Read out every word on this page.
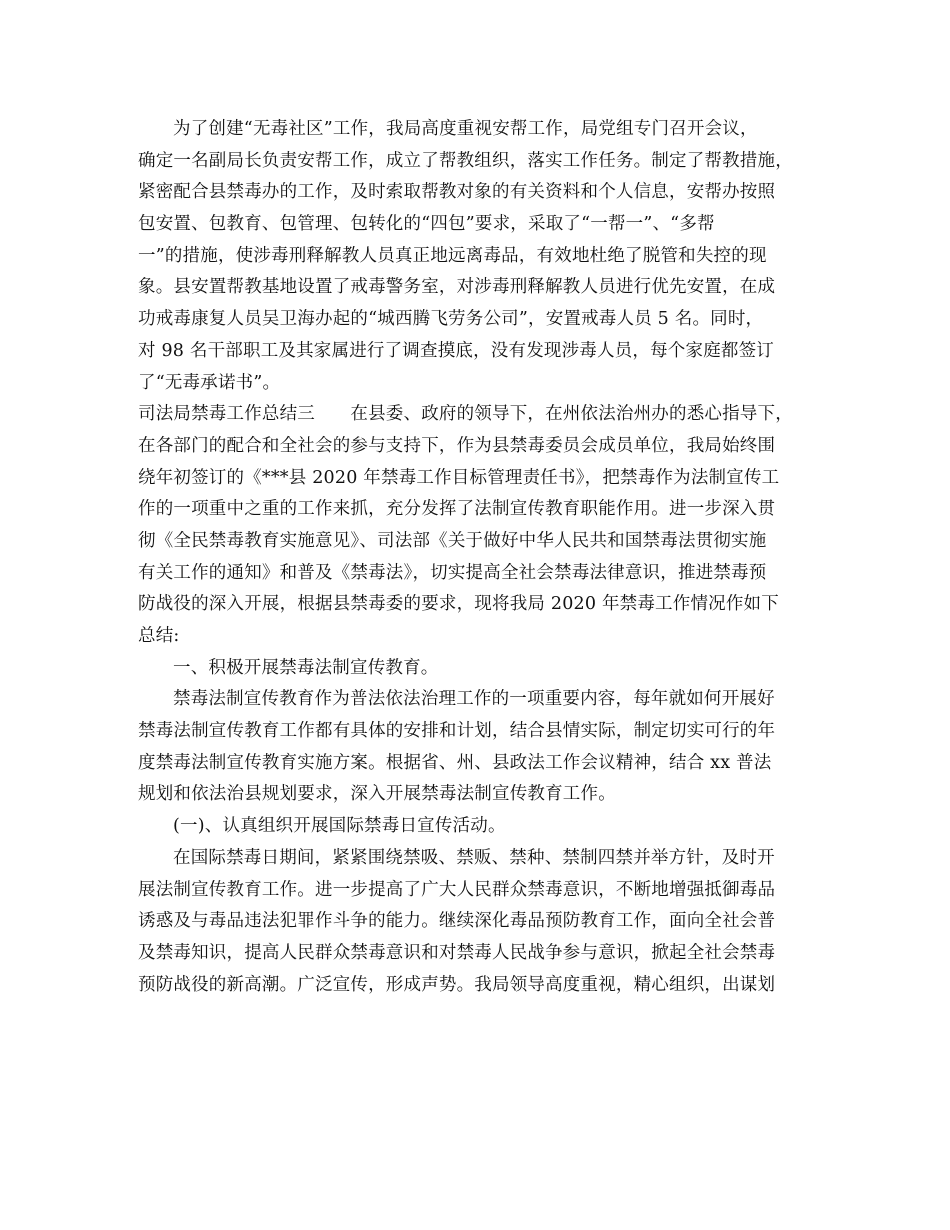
为了创建“无毒社区”工作，我局高度重视安帮工作，局党组专门召开会议，
确定一名副局长负责安帮工作，成立了帮教组织，落实工作任务。制定了帮教措施，
紧密配合县禁毒办的工作，及时索取帮教对象的有关资料和个人信息，安帮办按照
包安置、包教育、包管理、包转化的“四包”要求，采取了“一帮一”、“多帮
一”的措施，使涉毒刑释解教人员真正地远离毒品，有效地杜绝了脱管和失控的现
象。县安置帮教基地设置了戒毒警务室，对涉毒刑释解教人员进行优先安置，在成
功戒毒康复人员吴卫海办起的“城西腾飞劳务公司”，安置戒毒人员 5 名。同时，
对 98 名干部职工及其家属进行了调查摸底，没有发现涉毒人员，每个家庭都签订
了“无毒承诺书”。
司法局禁毒工作总结三　　在县委、政府的领导下，在州依法治州办的悉心指导下，
在各部门的配合和全社会的参与支持下，作为县禁毒委员会成员单位，我局始终围
绕年初签订的《***县 2020 年禁毒工作目标管理责任书》，把禁毒作为法制宣传工
作的一项重中之重的工作来抓，充分发挥了法制宣传教育职能作用。进一步深入贯
彻《全民禁毒教育实施意见》、司法部《关于做好中华人民共和国禁毒法贯彻实施
有关工作的通知》和普及《禁毒法》，切实提高全社会禁毒法律意识，推进禁毒预
防战役的深入开展，根据县禁毒委的要求，现将我局 2020 年禁毒工作情况作如下
总结:
一、积极开展禁毒法制宣传教育。
禁毒法制宣传教育作为普法依法治理工作的一项重要内容，每年就如何开展好
禁毒法制宣传教育工作都有具体的安排和计划，结合县情实际，制定切实可行的年
度禁毒法制宣传教育实施方案。根据省、州、县政法工作会议精神，结合 xx 普法
规划和依法治县规划要求，深入开展禁毒法制宣传教育工作。
(一)、认真组织开展国际禁毒日宣传活动。
在国际禁毒日期间，紧紧围绕禁吸、禁贩、禁种、禁制四禁并举方针，及时开
展法制宣传教育工作。进一步提高了广大人民群众禁毒意识，不断地增强抵御毒品
诱惑及与毒品违法犯罪作斗争的能力。继续深化毒品预防教育工作，面向全社会普
及禁毒知识，提高人民群众禁毒意识和对禁毒人民战争参与意识，掀起全社会禁毒
预防战役的新高潮。广泛宣传，形成声势。我局领导高度重视，精心组织，出谋划
